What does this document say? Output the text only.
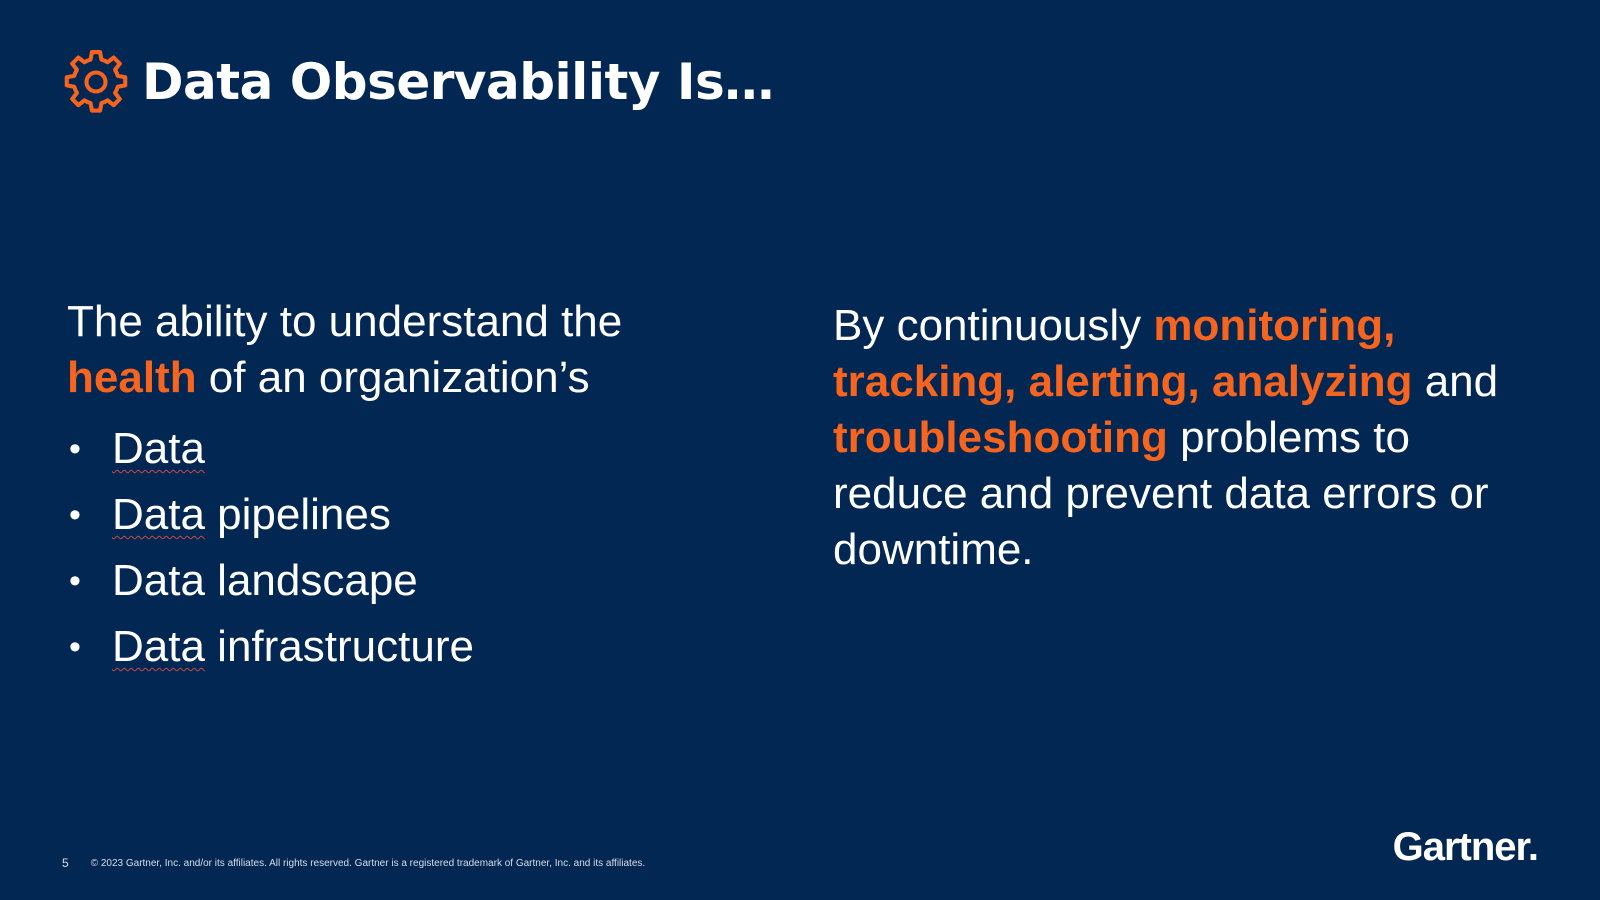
Data Observability Is…

The ability to understand the
health of an organization’s

• Data
• Data pipelines
• Data landscape
• Data infrastructure
By continuously monitoring, tracking, alerting, analyzing and troubleshooting problems to reduce and prevent data errors or downtime.
5 © 2023 Gartner, Inc. and/or its affiliates. All rights reserved. Gartner is a registered trademark of Gartner, Inc. and its affiliates.	Gartner.
